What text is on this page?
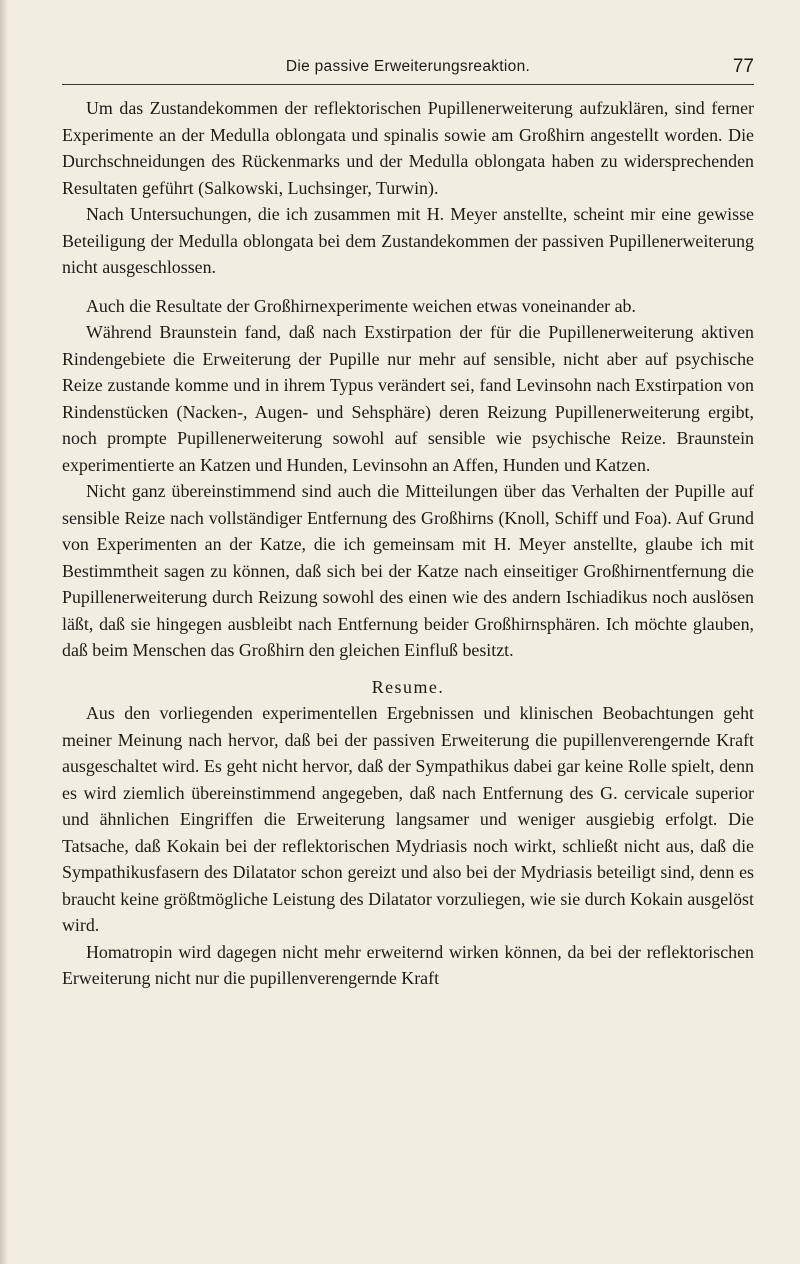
Die passive Erweiterungsreaktion.	77

Um das Zustandekommen der reflektorischen Pupillenerweiterung aufzuklären, sind ferner Experimente an der Medulla oblongata und spinalis sowie am Großhirn angestellt worden. Die Durchschneidungen des Rückenmarks und der Medulla oblongata haben zu widersprechenden Resultaten geführt (Salkowski, Luchsinger, Turwin).

Nach Untersuchungen, die ich zusammen mit H. Meyer anstellte, scheint mir eine gewisse Beteiligung der Medulla oblongata bei dem Zustandekommen der passiven Pupillenerweiterung nicht ausgeschlossen.

Auch die Resultate der Großhirnexperimente weichen etwas voneinander ab.

Während Braunstein fand, daß nach Exstirpation der für die Pupillenerweiterung aktiven Rindengebiete die Erweiterung der Pupille nur mehr auf sensible, nicht aber auf psychische Reize zustande komme und in ihrem Typus verändert sei, fand Levinsohn nach Exstirpation von Rindenstücken (Nacken-, Augen- und Sehsphäre) deren Reizung Pupillenerweiterung ergibt, noch prompte Pupillenerweiterung sowohl auf sensible wie psychische Reize. Braunstein experimentierte an Katzen und Hunden, Levinsohn an Affen, Hunden und Katzen.

Nicht ganz übereinstimmend sind auch die Mitteilungen über das Verhalten der Pupille auf sensible Reize nach vollständiger Entfernung des Großhirns (Knoll, Schiff und Foa). Auf Grund von Experimenten an der Katze, die ich gemeinsam mit H. Meyer anstellte, glaube ich mit Bestimmtheit sagen zu können, daß sich bei der Katze nach einseitiger Großhirnentfernung die Pupillenerweiterung durch Reizung sowohl des einen wie des andern Ischiadikus noch auslösen läßt, daß sie hingegen ausbleibt nach Entfernung beider Großhirnsphären. Ich möchte glauben, daß beim Menschen das Großhirn den gleichen Einfluß besitzt.

Resume.

Aus den vorliegenden experimentellen Ergebnissen und klinischen Beobachtungen geht meiner Meinung nach hervor, daß bei der passiven Erweiterung die pupillenverengernde Kraft ausgeschaltet wird. Es geht nicht hervor, daß der Sympathikus dabei gar keine Rolle spielt, denn es wird ziemlich übereinstimmend angegeben, daß nach Entfernung des G. cervicale superior und ähnlichen Eingriffen die Erweiterung langsamer und weniger ausgiebig erfolgt. Die Tatsache, daß Kokain bei der reflektorischen Mydriasis noch wirkt, schließt nicht aus, daß die Sympathikusfasern des Dilatator schon gereizt und also bei der Mydriasis beteiligt sind, denn es braucht keine größtmögliche Leistung des Dilatator vorzuliegen, wie sie durch Kokain ausgelöst wird.

Homatropin wird dagegen nicht mehr erweiternd wirken können, da bei der reflektorischen Erweiterung nicht nur die pupillenverengernde Kraft
